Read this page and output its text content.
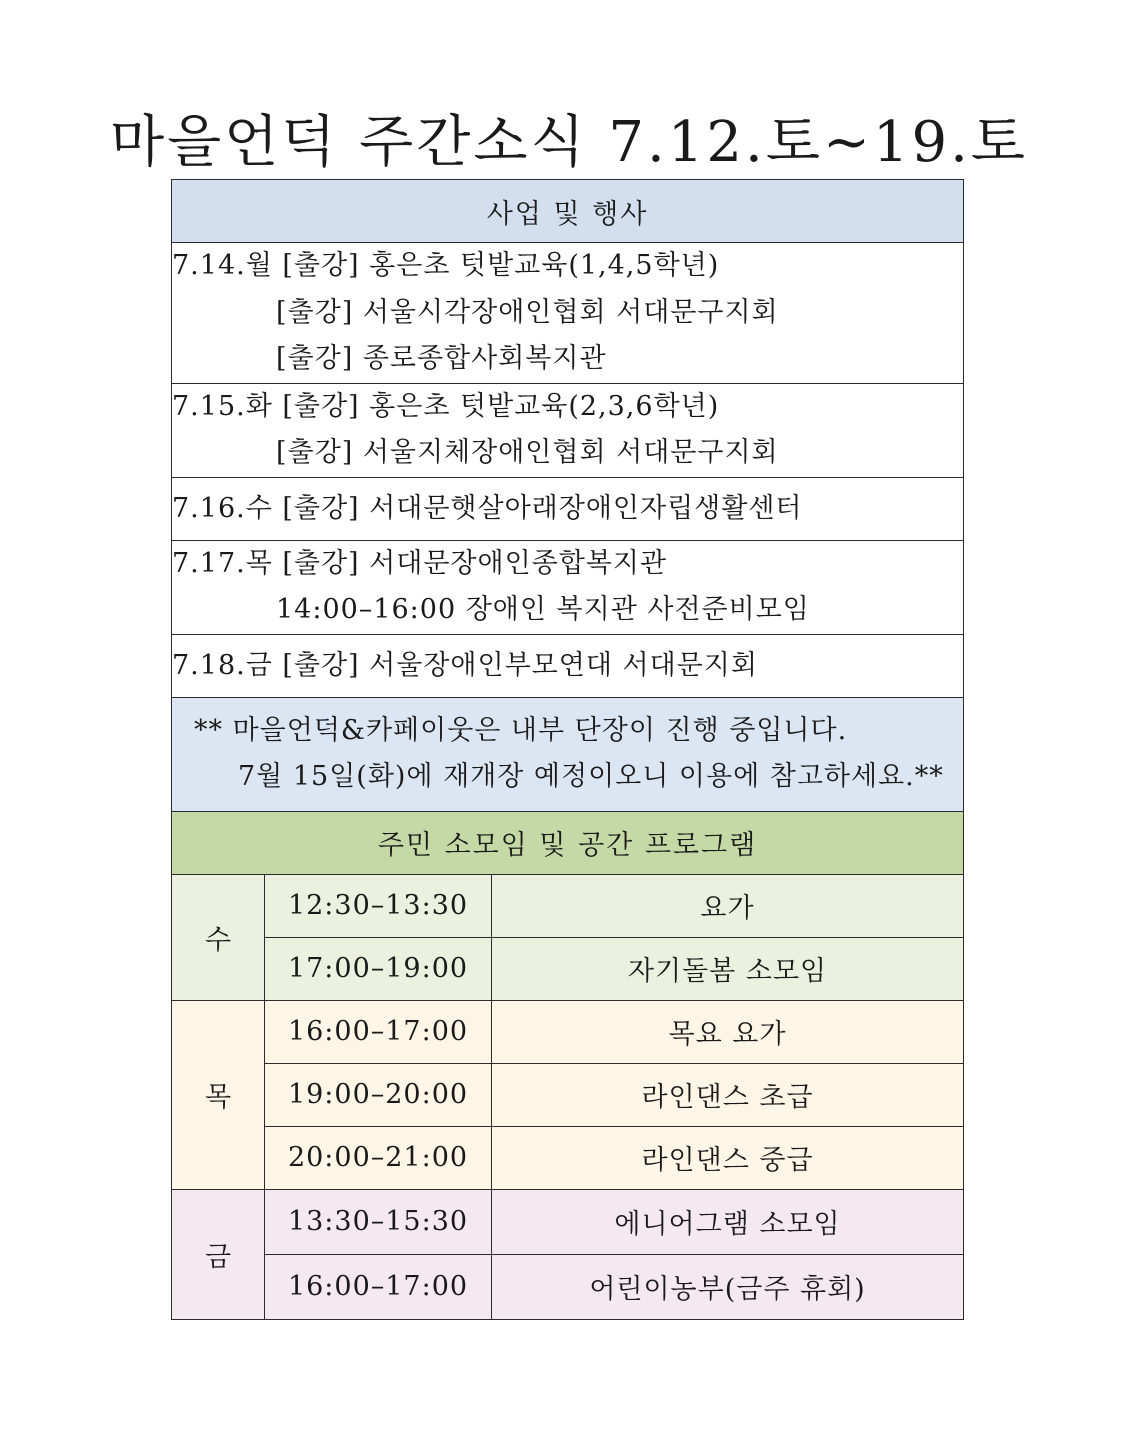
마을언덕 주간소식 7.12.토~19.토
사업 및 행사		

7.14.월 [출강] 홍은초 텃밭교육(1,4,5학년)
[출강] 서울시각장애인협회 서대문구지회
[출강] 종로종합사회복지관		

7.15.화 [출강] 홍은초 텃밭교육(2,3,6학년)
[출강] 서울지체장애인협회 서대문구지회		

7.16.수 [출강] 서대문햇살아래장애인자립생활센터		

7.17.목 [출강] 서대문장애인종합복지관
14:00–16:00 장애인 복지관 사전준비모임		

7.18.금 [출강] 서울장애인부모연대 서대문지회		

** 마을언덕&카페이웃은 내부 단장이 진행 중입니다.
7월 15일(화)에 재개장 예정이오니 이용에 참고하세요.**		

주민 소모임 및 공간 프로그램		
수	12:30–13:30	요가
	17:00–19:00	자기돌봄 소모임
목	16:00–17:00	목요 요가
	19:00–20:00	라인댄스 초급
	20:00–21:00	라인댄스 중급
금	13:30–15:30	에니어그램 소모임
	16:00–17:00	어린이농부(금주 휴회)
